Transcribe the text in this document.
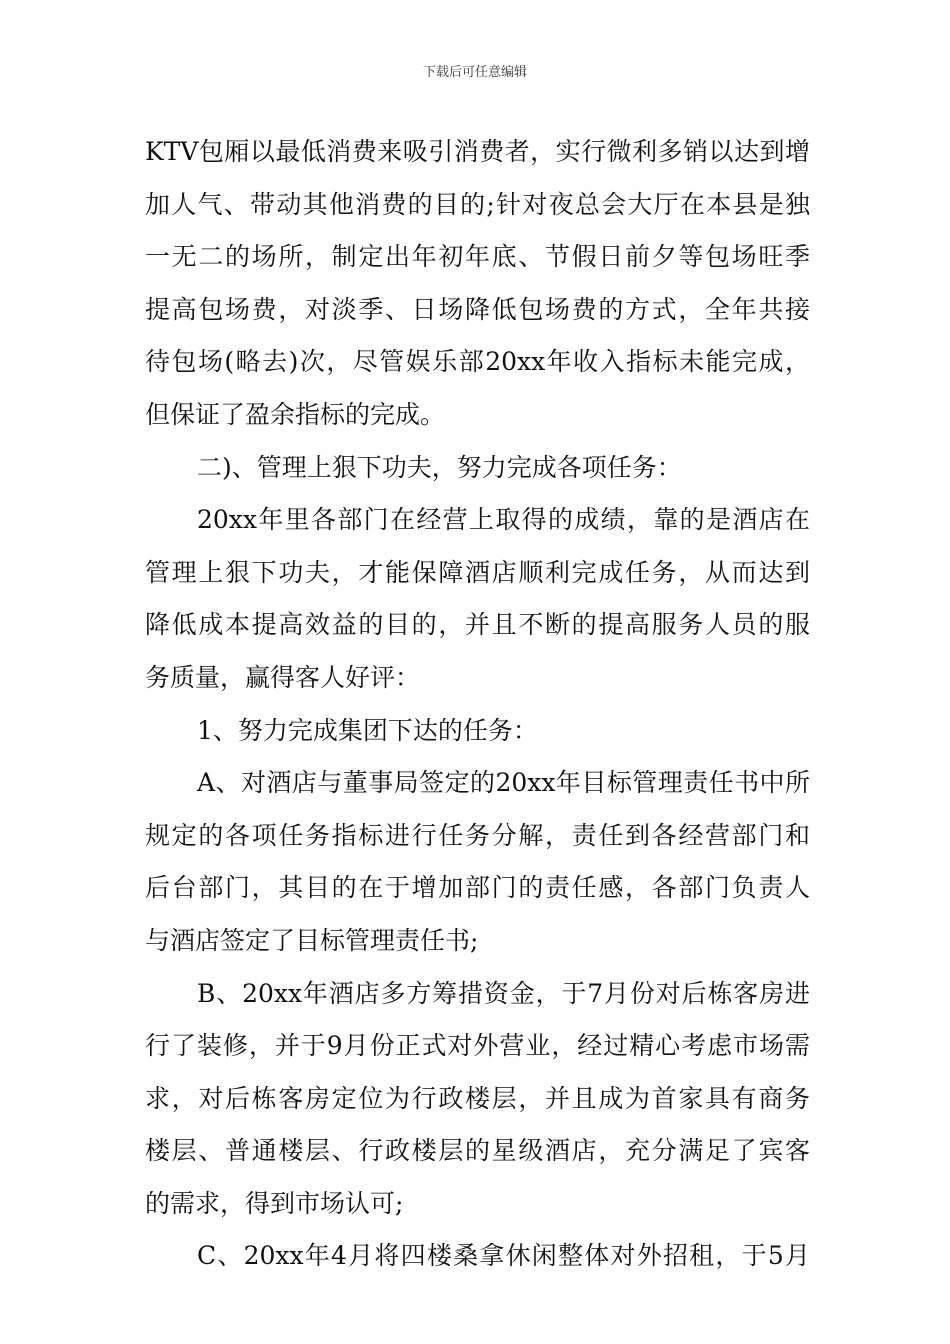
下载后可任意编辑
KTV包厢以最低消费来吸引消费者，实行微利多销以达到增
加人气、带动其他消费的目的;针对夜总会大厅在本县是独
一无二的场所，制定出年初年底、节假日前夕等包场旺季
提高包场费，对淡季、日场降低包场费的方式，全年共接
待包场(略去)次，尽管娱乐部20xx年收入指标未能完成，
但保证了盈余指标的完成。
二)、管理上狠下功夫，努力完成各项任务：
20xx年里各部门在经营上取得的成绩，靠的是酒店在
管理上狠下功夫，才能保障酒店顺利完成任务，从而达到
降低成本提高效益的目的，并且不断的提高服务人员的服
务质量，赢得客人好评：
1、努力完成集团下达的任务：
A、对酒店与董事局签定的20xx年目标管理责任书中所
规定的各项任务指标进行任务分解，责任到各经营部门和
后台部门，其目的在于增加部门的责任感，各部门负责人
与酒店签定了目标管理责任书;
B、20xx年酒店多方筹措资金，于7月份对后栋客房进
行了装修，并于9月份正式对外营业，经过精心考虑市场需
求，对后栋客房定位为行政楼层，并且成为首家具有商务
楼层、普通楼层、行政楼层的星级酒店，充分满足了宾客
的需求，得到市场认可;
C、20xx年4月将四楼桑拿休闲整体对外招租，于5月
